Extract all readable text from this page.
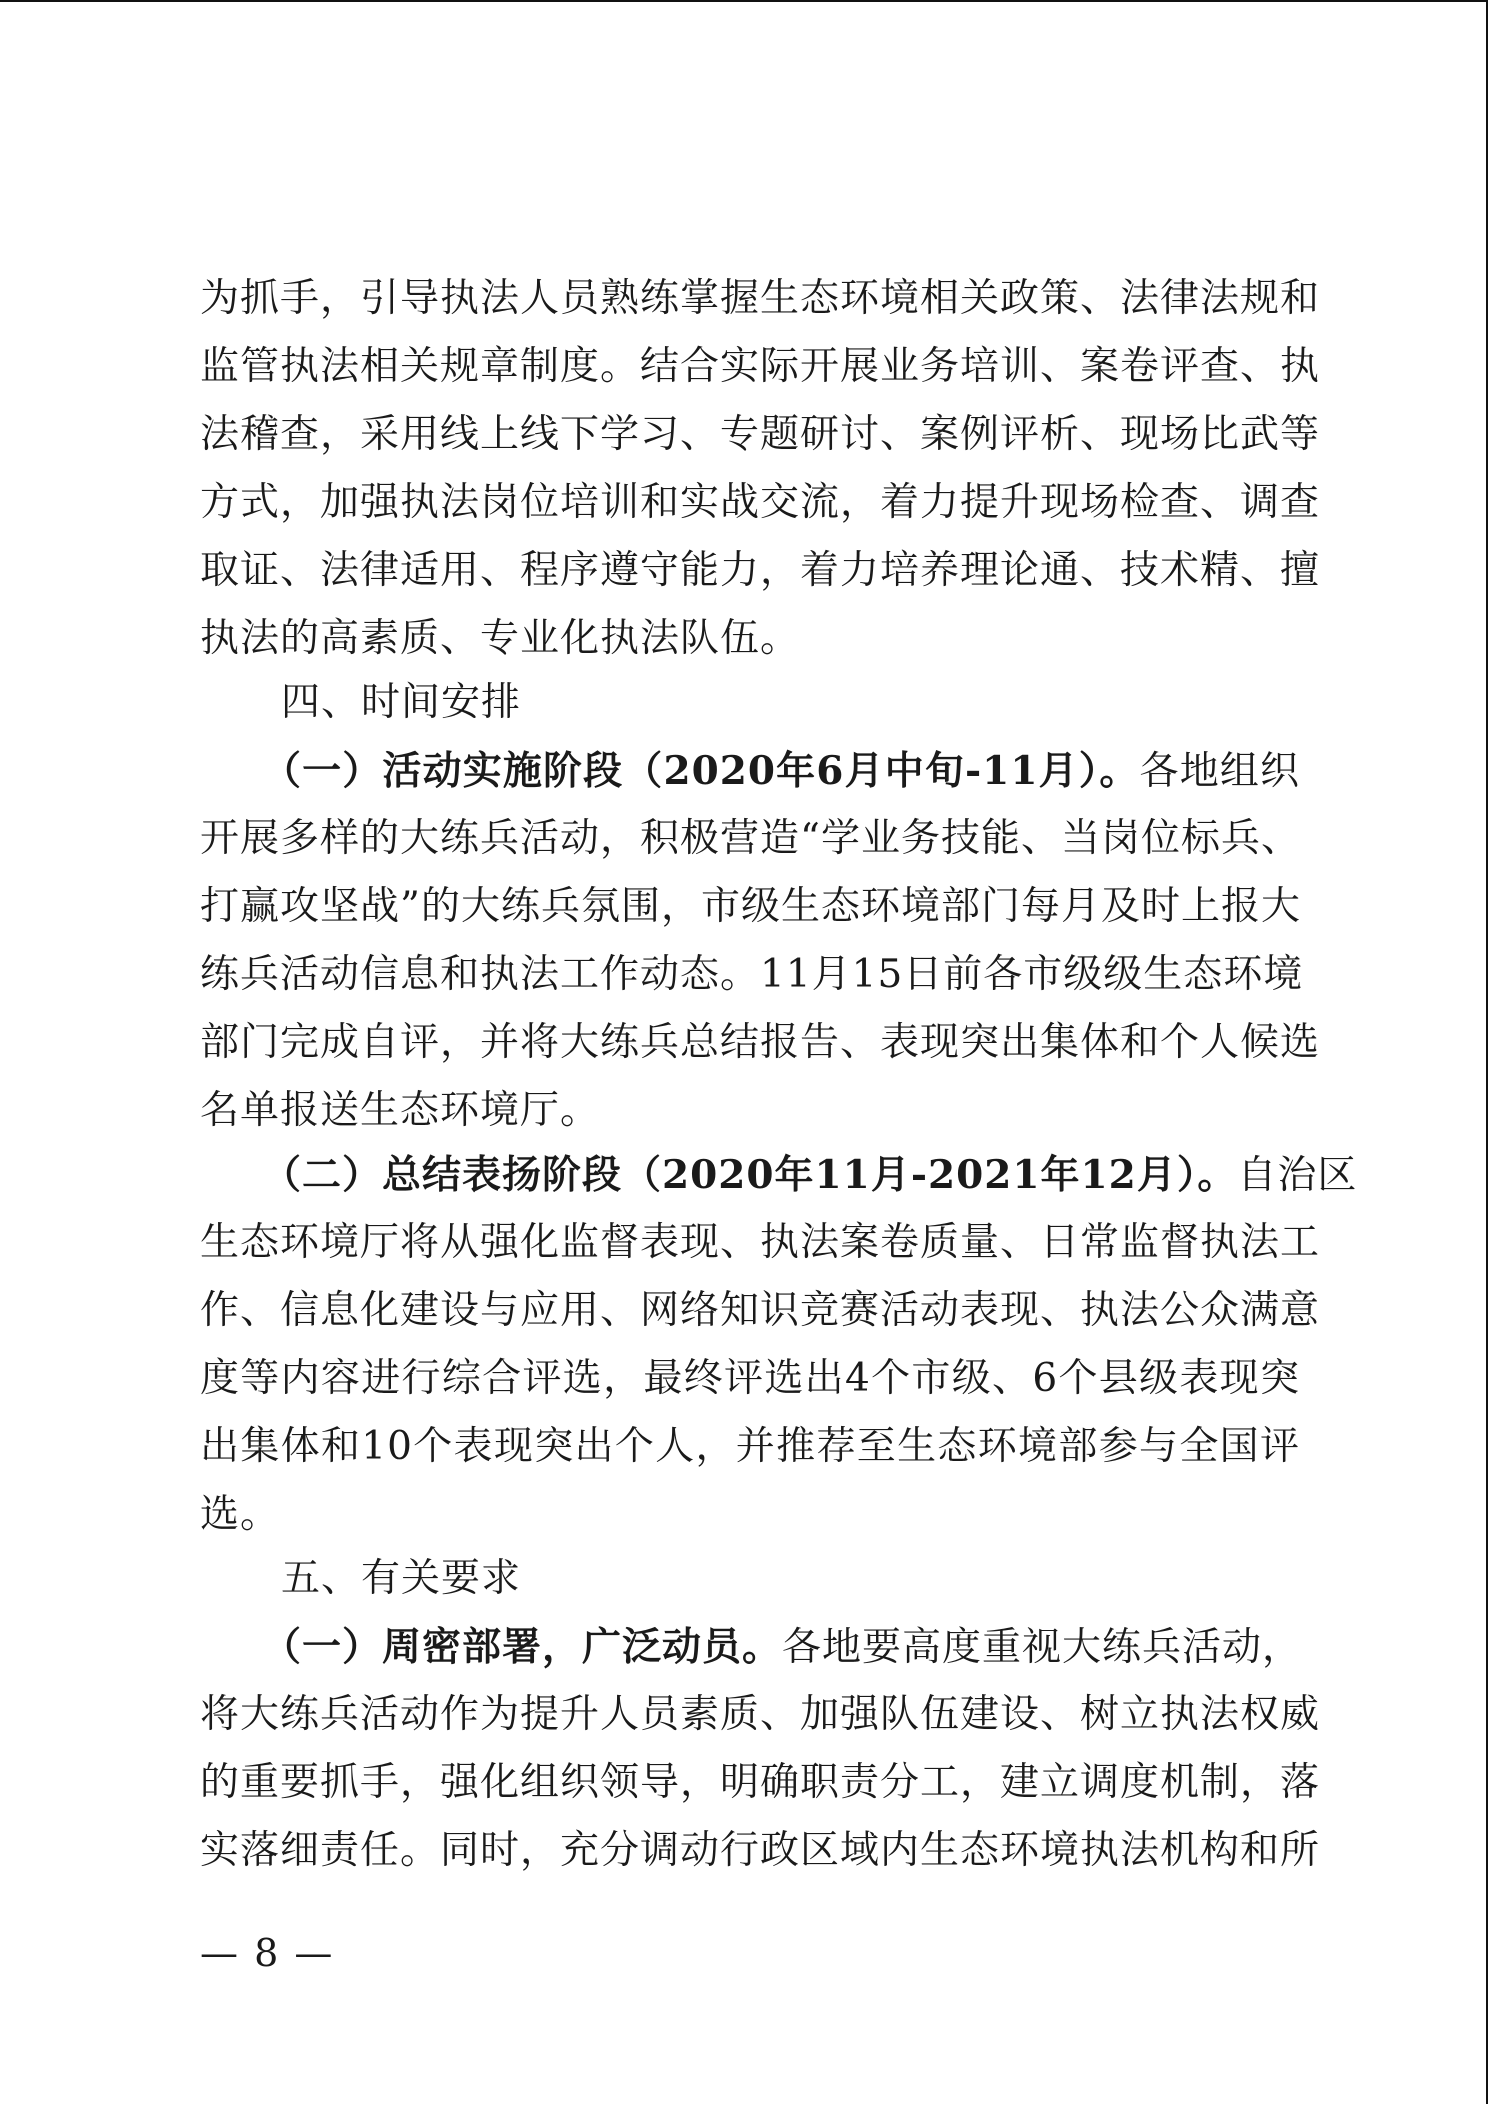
为抓手，引导执法人员熟练掌握生态环境相关政策、法律法规和
监管执法相关规章制度。结合实际开展业务培训、案卷评查、执
法稽查，采用线上线下学习、专题研讨、案例评析、现场比武等
方式，加强执法岗位培训和实战交流，着力提升现场检查、调查
取证、法律适用、程序遵守能力，着力培养理论通、技术精、擅
执法的高素质、专业化执法队伍。
四、时间安排
（一）活动实施阶段（2020年6月中旬-11月）。各地组织
开展多样的大练兵活动，积极营造“学业务技能、当岗位标兵、
打赢攻坚战”的大练兵氛围，市级生态环境部门每月及时上报大
练兵活动信息和执法工作动态。11月15日前各市级级生态环境
部门完成自评，并将大练兵总结报告、表现突出集体和个人候选
名单报送生态环境厅。
（二）总结表扬阶段（2020年11月-2021年12月）。自治区
生态环境厅将从强化监督表现、执法案卷质量、日常监督执法工
作、信息化建设与应用、网络知识竞赛活动表现、执法公众满意
度等内容进行综合评选，最终评选出4个市级、6个县级表现突
出集体和10个表现突出个人，并推荐至生态环境部参与全国评
选。
五、有关要求
（一）周密部署，广泛动员。各地要高度重视大练兵活动，
将大练兵活动作为提升人员素质、加强队伍建设、树立执法权威
的重要抓手，强化组织领导，明确职责分工，建立调度机制，落
实落细责任。同时，充分调动行政区域内生态环境执法机构和所
— 8 —
